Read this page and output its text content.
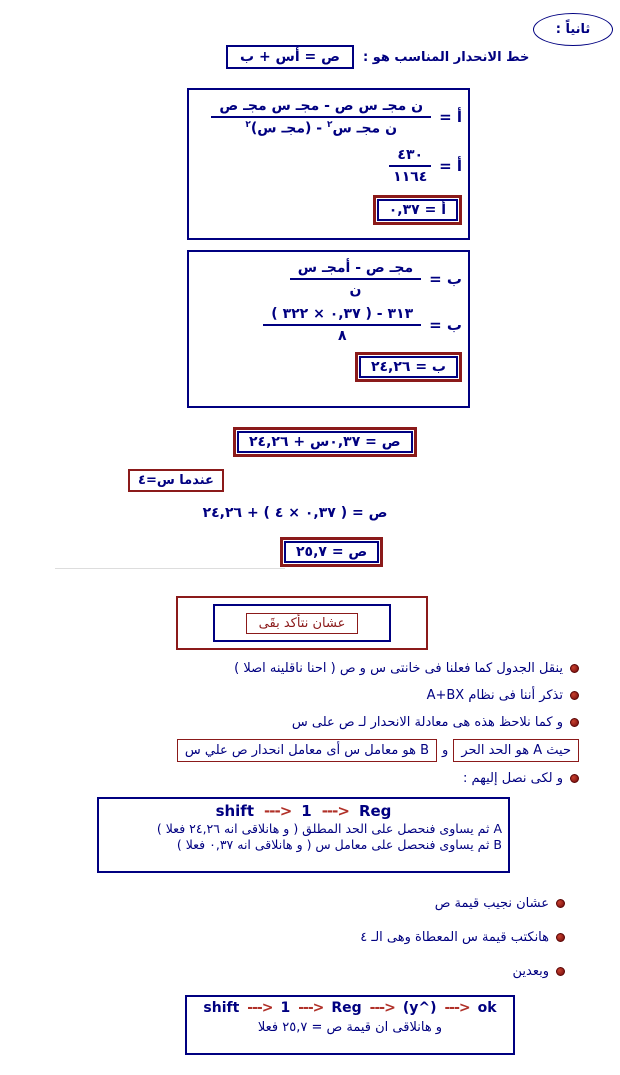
ثانياً :
خط الانحدار المناسب هو :
ص = أس + ب
أ =
$\frac{\text{ن مجـ س ص - مجـ س مجـ ص}}{ن مجـ س^٢ - (مجـ س)^٢}$
أ =
$\frac{٤٣٠}{١١٦٤}$
أ = ٠,٣٧
ب =
$\frac{\text{مجـ ص - أمجـ س}}{\text{ن}}$
ب =
$\frac{٣١٣ - ( ٠,٣٧ \times ٣٢٢ )}{٨}$
ب = ٢٤,٢٦
ص = ٠,٣٧س + ٢٤,٢٦
عندما س=٤
ص = ( ٠,٣٧ × ٤ ) + ٢٤,٢٦
ص = ٢٥,٧
عشان نتأكد بقَى
ينقل الجدول كما فعلنا فى خانتى س و ص ( احنا ناقلينه اصلا )
تذكر أننا فى نظام A+BX
و كما نلاحظ هذه هى معادلة الانحدار لـ ص على س
حيث A هو الحد الحر
و
B هو معامل س أى معامل انحدار ص علي س
و لكى نصل إليهم :
shift ---> 1 ---> Reg
A ثم يساوى فنحصل على الحد المطلق ( و هانلاقى انه ٢٤,٢٦ فعلا )
B ثم يساوى فنحصل على معامل س ( و هانلاقى انه ٠,٣٧ فعلا )
عشان نجيب قيمة ص
هانكتب قيمة س المعطاة وهى الـ ٤
وبعدين
shift ---> 1 ---> Reg ---> (y^) ---> ok
و هانلاقى ان قيمة ص = ٢٥,٧ فعلا
